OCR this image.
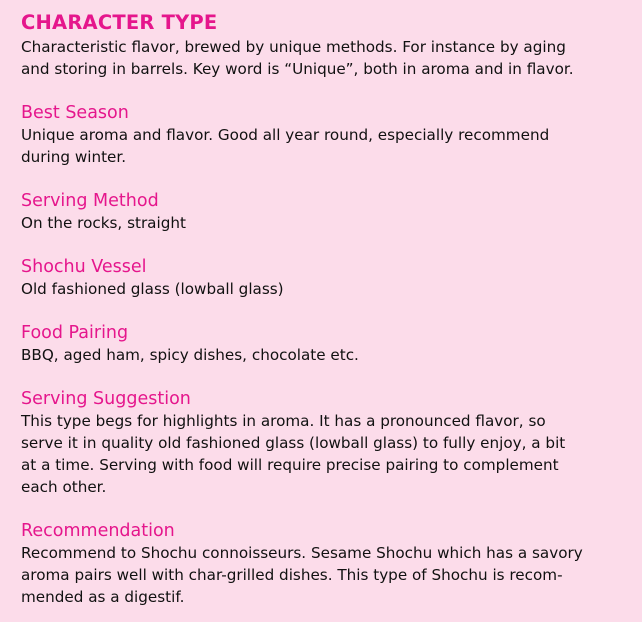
CHARACTER TYPE

Characteristic flavor, brewed by unique methods. For instance by aging
and storing in barrels. Key word is “Unique”, both in aroma and in flavor.

Best Season

Unique aroma and flavor. Good all year round, especially recommend
during winter.

Serving Method

On the rocks, straight

Shochu Vessel

Old fashioned glass (lowball glass)

Food Pairing

BBQ, aged ham, spicy dishes, chocolate etc.

Serving Suggestion

This type begs for highlights in aroma. It has a pronounced flavor, so
serve it in quality old fashioned glass (lowball glass) to fully enjoy, a bit
at a time. Serving with food will require precise pairing to complement
each other.

Recommendation

Recommend to Shochu connoisseurs. Sesame Shochu which has a savory
aroma pairs well with char-grilled dishes. This type of Shochu is recom-
mended as a digestif.
